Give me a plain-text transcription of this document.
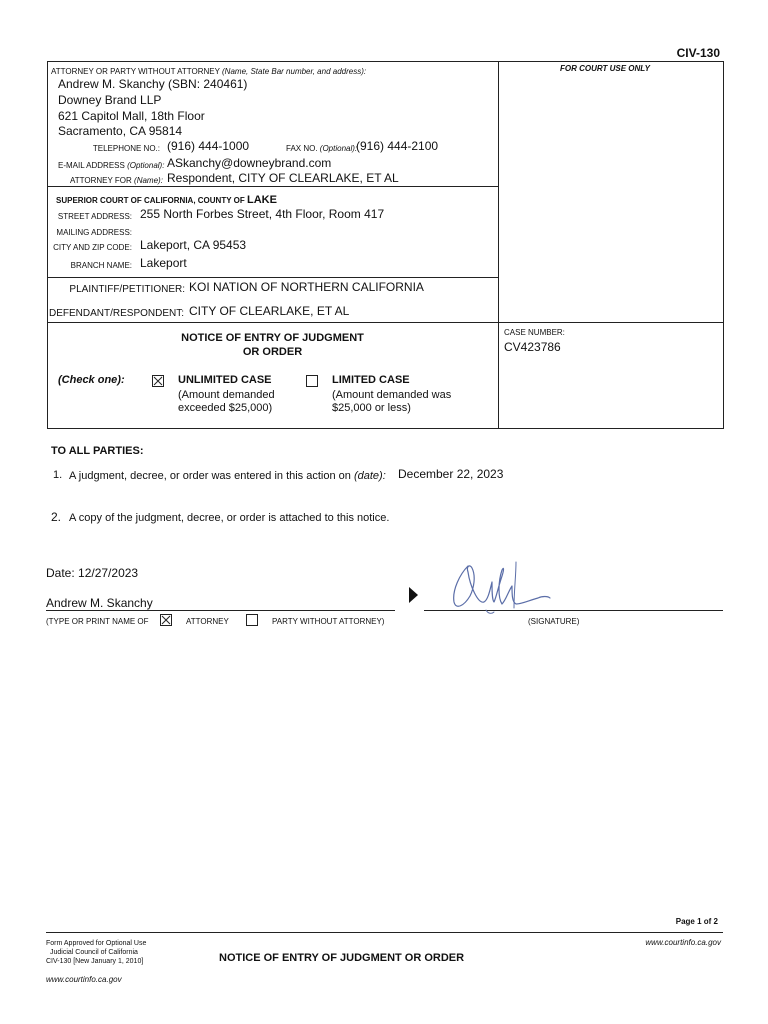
CIV-130
FOR COURT USE ONLY
ATTORNEY OR PARTY WITHOUT ATTORNEY (Name, State Bar number, and address):
Andrew M. Skanchy (SBN: 240461)
Downey Brand LLP
621 Capitol Mall, 18th Floor
Sacramento, CA 95814
TELEPHONE NO.: (916) 444-1000	FAX NO. (Optional):
(916) 444-2100
E-MAIL ADDRESS (Optional): ASkanchy@downeybrand.com
ATTORNEY FOR (Name): Respondent, CITY OF CLEARLAKE, ET AL
SUPERIOR COURT OF CALIFORNIA, COUNTY OF LAKE
STREET ADDRESS: 255 North Forbes Street, 4th Floor, Room 417
MAILING ADDRESS:
CITY AND ZIP CODE: Lakeport, CA 95453
BRANCH NAME: Lakeport
PLAINTIFF/PETITIONER: KOI NATION OF NORTHERN CALIFORNIA
DEFENDANT/RESPONDENT: CITY OF CLEARLAKE, ET AL
NOTICE OF ENTRY OF JUDGMENT
OR ORDER
CASE NUMBER:
CV423786
(Check one):	UNLIMITED CASE
(Amount demanded
exceeded $25,000)
LIMITED CASE
(Amount demanded was
$25,000 or less)
TO ALL PARTIES:
1. A judgment, decree, or order was entered in this action on (date): December 22, 2023
2. A copy of the judgment, decree, or order is attached to this notice.
Date: 12/27/2023
Andrew M. Skanchy
(TYPE OR PRINT NAME OF	ATTORNEY	PARTY WITHOUT ATTORNEY)	(SIGNATURE)
Page 1 of 2
Form Approved for Optional Use
Judicial Council of California
CIV-130 [New January 1, 2010]	NOTICE OF ENTRY OF JUDGMENT OR ORDER
www.courtinfo.ca.gov
www.courtinfo.ca.gov
